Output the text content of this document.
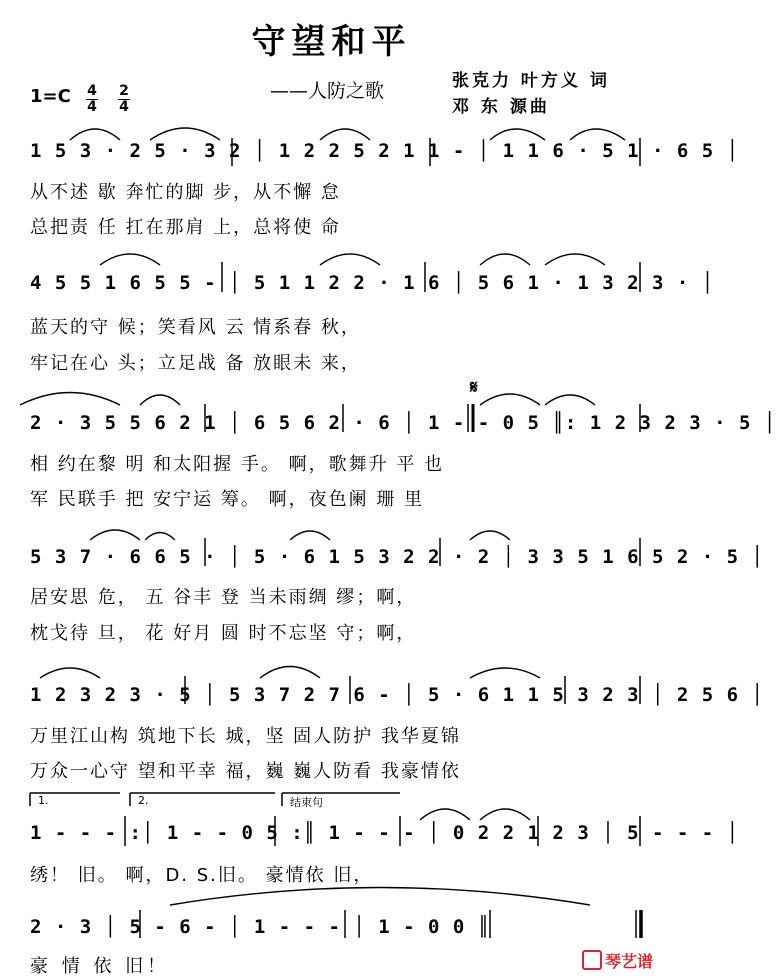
守望和平
——人防之歌	张克力 叶方义 词
邓 东 源曲
1=C 4
4
2
4
1 5 3 · 2 5 · 3 2 │ 1 2 2 5 2 1 1 - │ 1 1 6 · 5 1 · 6 5 │
从不述 歇 奔忙的脚 步，从不懈 怠
总把责 任 扛在那肩 上，总将使 命
4 5 5 1 6 5 5 - │ 5 1 1 2 2 · 1 6 │ 5 6 1 · 1 3 2 3 · │
蓝天的守 候；笑看风 云 情系春 秋，
牢记在心 头；立足战 备 放眼未 来，
𝄋
2 · 3 5 5 6 2 1 │ 6 5 6 2 · 6 │ 1 - - 0 5 ║: 1 2 3 2 3 · 5 │
相 约在黎 明 和太阳握 手。 啊，歌舞升 平 也
军 民联手 把 安宁运 筹。 啊，夜色阑 珊 里
5 3 7 · 6 6 5 · │ 5 · 6 1 5 3 2 2 · 2 │ 3 3 5 1 6 5 2 · 5 │
居安思 危， 五 谷丰 登 当未雨绸 缪；啊，
枕戈待 旦， 花 好月 圆 时不忘坚 守；啊，
1 2 3 2 3 · 5 │ 5 3 7 2 7 6 - │ 5 · 6 1 1 5 3 2 3 │ 2 5 6 │
万里江山构 筑地下长 城，坚 固人防护 我华夏锦
万众一心守 望和平幸 福，巍 巍人防看 我豪情依
1.	2.	结束句
1 - - - :│ 1 - - 0 5 :║ 1 - - - │ 0 2 2 1 2 3 │ 5 - - - │
绣！ 旧。 啊，D. S.旧。 豪情依 旧，
2 · 3 │ 5 - 6 - │ 1 - - - │ 1 - 0 0 ║
豪 情 依 旧！	琴艺谱
